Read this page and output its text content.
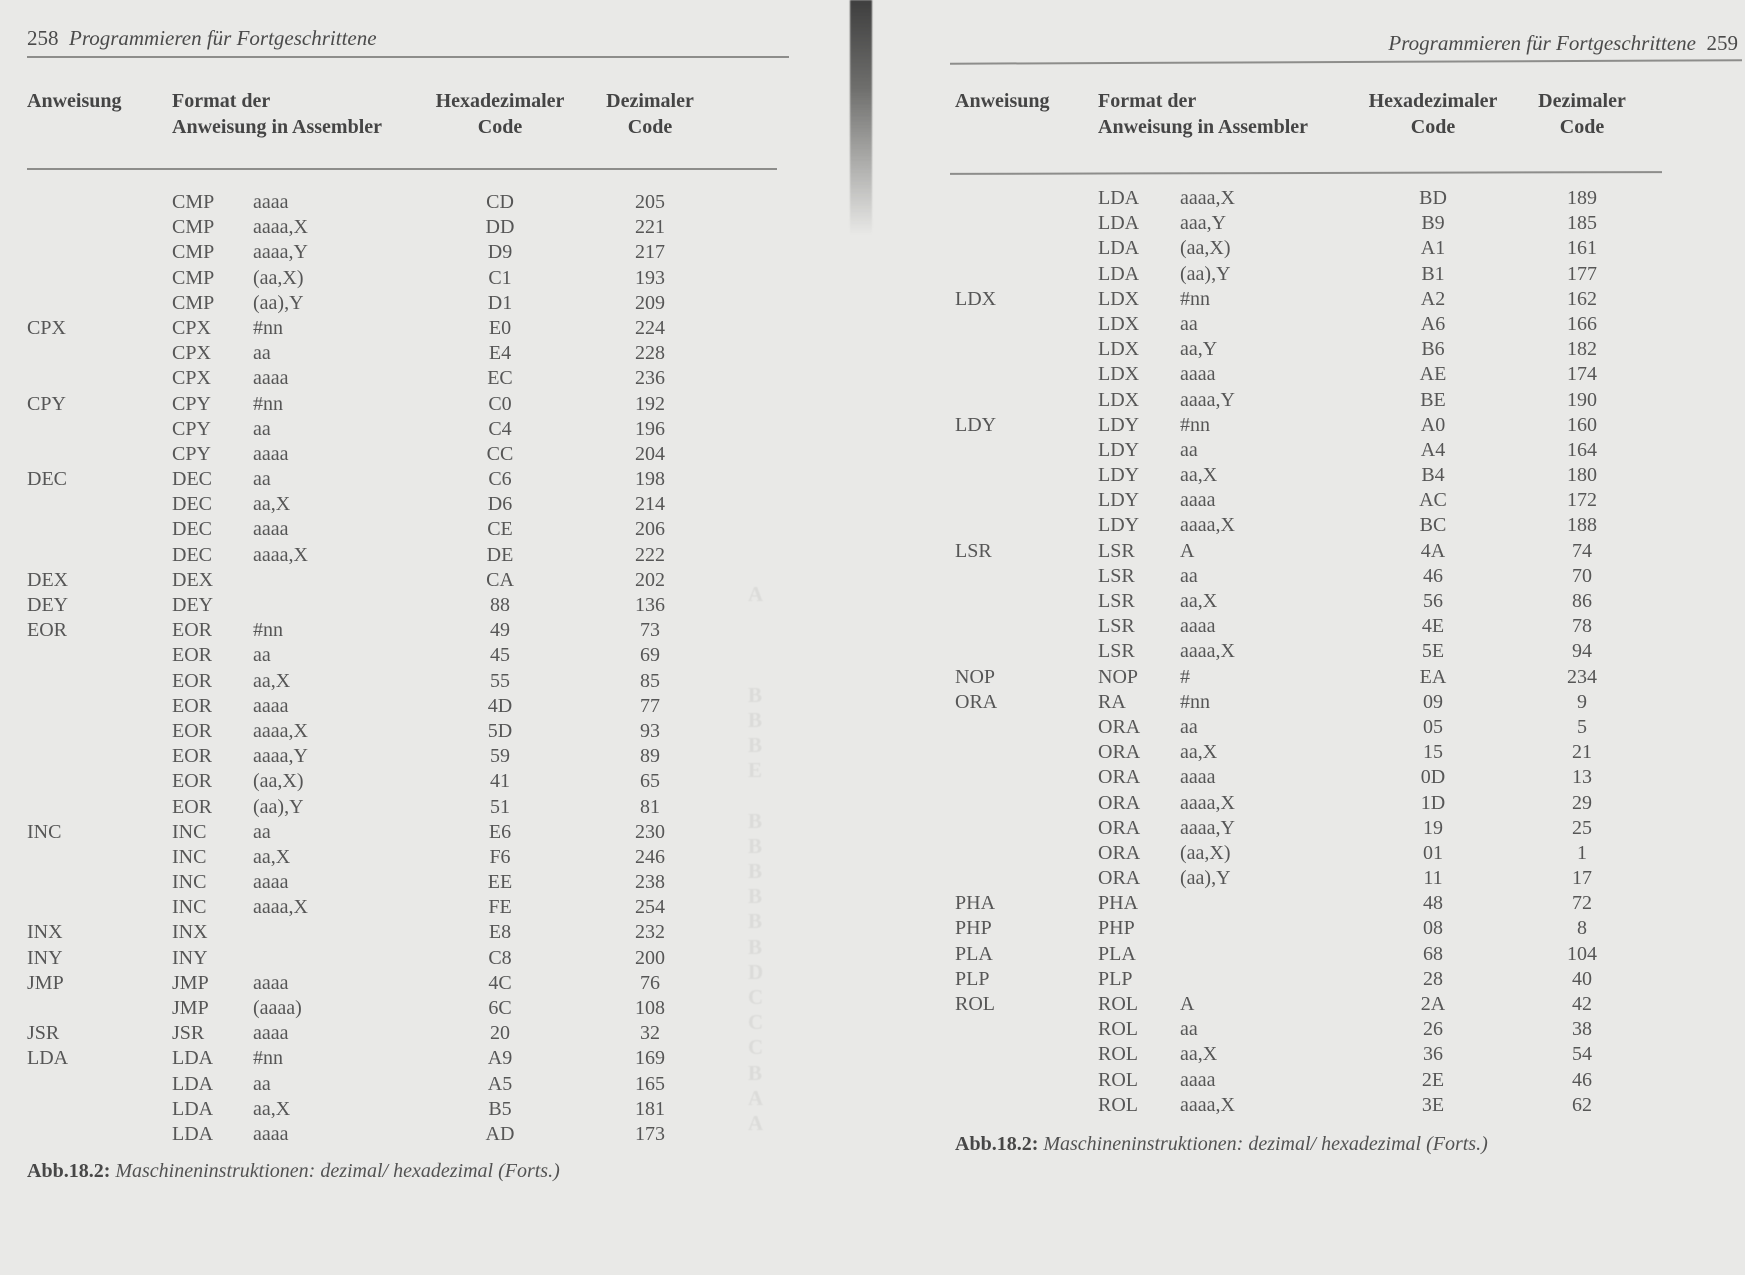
258 Programmieren für Fortgeschrittene
Anweisung	Format der
Anweisung in Assembler
Hexadezimaler
Code
Dezimaler
Code
CMP aaaa	CD	205
CMP aaaa,X	DD	221
CMP aaaa,Y	D9	217
CMP (aa,X)	C1	193
CMP (aa),Y	D1	209
CPX	CPX #nn	E0	224
CPX aa	E4	228
CPX aaaa	EC	236
CPY	CPY #nn	C0	192
CPY aa	C4	196
CPY aaaa	CC	204
DEC	DEC aa	C6	198
DEC aa,X	D6	214
DEC aaaa	CE	206
DEC aaaa,X	DE	222
DEX	DEX	CA	202
DEY	DEY	88	136
EOR	EOR #nn	49	73
EOR aa	45	69
EOR aa,X	55	85
EOR aaaa	4D	77
EOR aaaa,X	5D	93
EOR aaaa,Y	59	89
EOR (aa,X)	41	65
EOR (aa),Y	51	81
INC	INC aa	E6	230
INC aa,X	F6	246
INC aaaa	EE	238
INC aaaa,X	FE	254
INX	INX	E8	232
INY	INY	C8	200
JMP	JMP aaaa	4C	76
JMP (aaaa)	6C	108
JSR	JSR aaaa	20	32
LDA	LDA #nn	A9	169
LDA aa	A5	165
LDA aa,X	B5	181
LDA aaaa	AD	173
Abb.18.2: Maschineninstruktionen: dezimal/ hexadezimal (Forts.)
Programmieren für Fortgeschrittene 259
Anweisung Format der
Anweisung in Assembler
Hexadezimaler
Code
Dezimaler
Code
LDA aaaa,X	BD	189
LDA aaa,Y	B9	185
LDA (aa,X)	A1	161
LDA (aa),Y	B1	177
LDX	LDX #nn	A2	162
LDX aa	A6	166
LDX aa,Y	B6	182
LDX aaaa	AE	174
LDX aaaa,Y	BE	190
LDY	LDY #nn	A0	160
LDY aa	A4	164
LDY aa,X	B4	180
LDY aaaa	AC	172
LDY aaaa,X	BC	188
LSR	LSR A	4A	74
LSR aa	46	70
LSR aa,X	56	86
LSR aaaa	4E	78
LSR aaaa,X	5E	94
NOP	NOP #	EA	234
ORA	RA	#nn	09	9
ORA aa	05	5
ORA aa,X	15	21
ORA aaaa	0D	13
ORA aaaa,X	1D	29
ORA aaaa,Y	19	25
ORA (aa,X)	01	1
ORA (aa),Y	11	17
PHA	PHA	48	72
PHP	PHP	08	8
PLA	PLA	68	104
PLP	PLP	28	40
ROL	ROL A	2A	42
ROL aa	26	38
ROL aa,X	36	54
ROL aaaa	2E	46
ROL aaaa,X	3E	62
Abb.18.2: Maschineninstruktionen: dezimal/ hexadezimal (Forts.)
A
B
B
B
E
B
B
B
B
B
B
D
C
C
C
B
A
A
